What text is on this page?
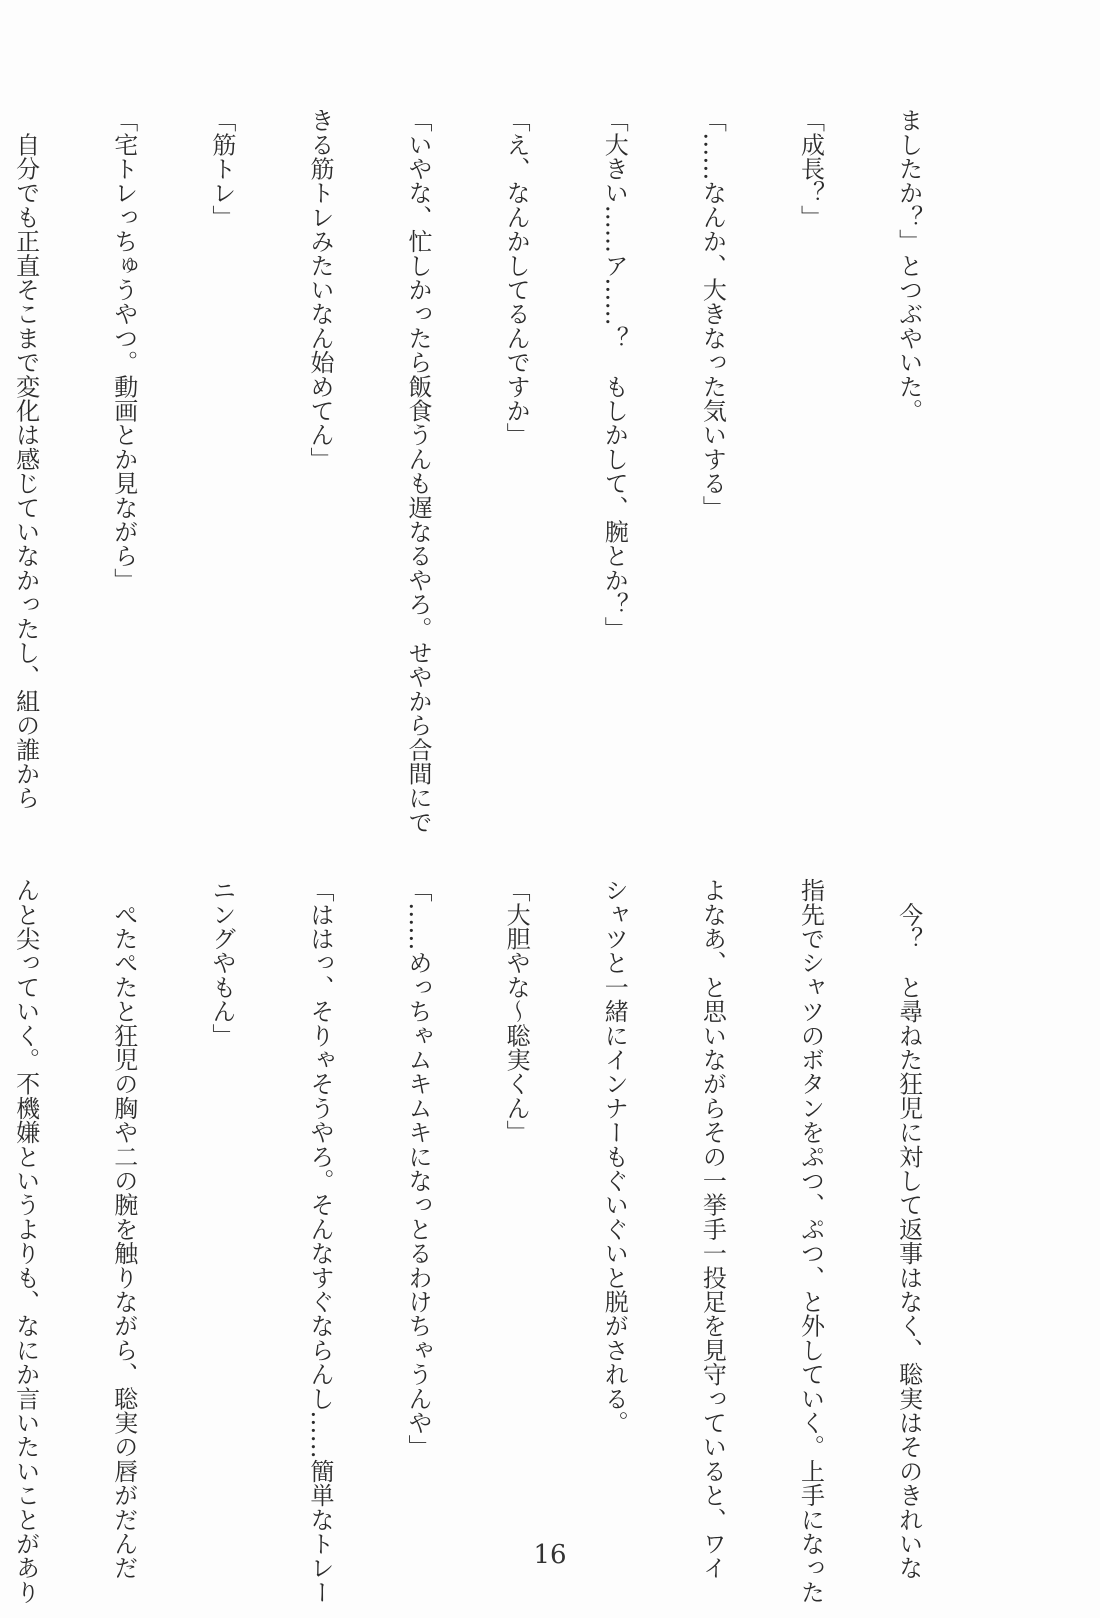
ましたか？」とつぶやいた。

「成長？」

「……なんか、大きなった気いする」

「大きい……ア……？　もしかして、腕とか？」

「え、なんかしてるんですか」

「いやな、忙しかったら飯食うんも遅なるやろ。せやから合間にで

きる筋トレみたいなん始めてん」

「筋トレ」

「宅トレっちゅうやつ。動画とか見ながら」

　自分でも正直そこまで変化は感じていなかったし、組の誰から

　今？　と尋ねた狂児に対して返事はなく、聡実はそのきれいな

指先でシャツのボタンをぷつ、ぷつ、と外していく。上手になった

よなあ、と思いながらその一挙手一投足を見守っていると、ワイ

シャツと一緒にインナーもぐいぐいと脱がされる。

「大胆やな～聡実くん」

「……めっちゃムキムキになっとるわけちゃうんや」

「ははっ、そりゃそうやろ。そんなすぐならんし……簡単なトレー

ニングやもん」

　ぺたぺたと狂児の胸や二の腕を触りながら、聡実の唇がだんだ

んと尖っていく。不機嫌というよりも、なにか言いたいことがあり

	16
